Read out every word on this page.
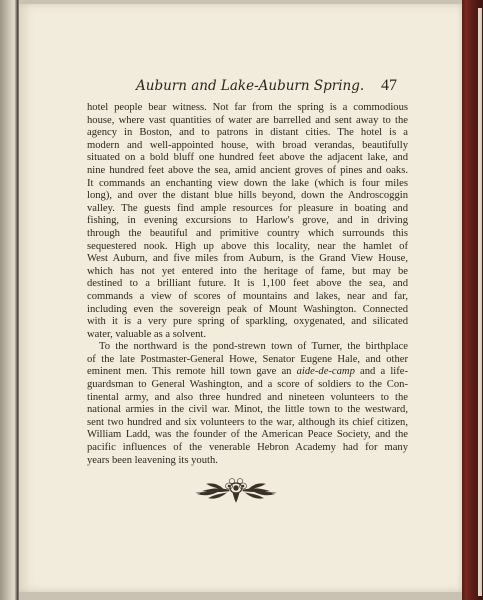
Auburn and Lake-Auburn Spring. 47

hotel people bear witness. Not far from the spring is a commodious
house, where vast quantities of water are barrelled and sent away to the
agency in Boston, and to patrons in distant cities. The hotel is a
modern and well-appointed house, with broad verandas, beautifully
situated on a bold bluff one hundred feet above the adjacent lake, and
nine hundred feet above the sea, amid ancient groves of pines and oaks.
It commands an enchanting view down the lake (which is four miles
long), and over the distant blue hills beyond, down the Androscoggin
valley. The guests find ample resources for pleasure in boating and
fishing, in evening excursions to Harlow's grove, and in driving
through the beautiful and primitive country which surrounds this
sequestered nook. High up above this locality, near the hamlet of
West Auburn, and five miles from Auburn, is the Grand View House,
which has not yet entered into the heritage of fame, but may be
destined to a brilliant future. It is 1,100 feet above the sea, and
commands a view of scores of mountains and lakes, near and far,
including even the sovereign peak of Mount Washington. Connected
with it is a very pure spring of sparkling, oxygenated, and silicated
water, valuable as a solvent.

To the northward is the pond-strewn town of Turner, the birthplace
of the late Postmaster-General Howe, Senator Eugene Hale, and other
eminent men. This remote hill town gave an aide-de-camp and a life-
guardsman to General Washington, and a score of soldiers to the Con-
tinental army, and also three hundred and nineteen volunteers to the
national armies in the civil war. Minot, the little town to the westward,
sent two hundred and six volunteers to the war, although its chief citizen,
William Ladd, was the founder of the American Peace Society, and the
pacific influences of the venerable Hebron Academy had for many
years been leavening its youth.
